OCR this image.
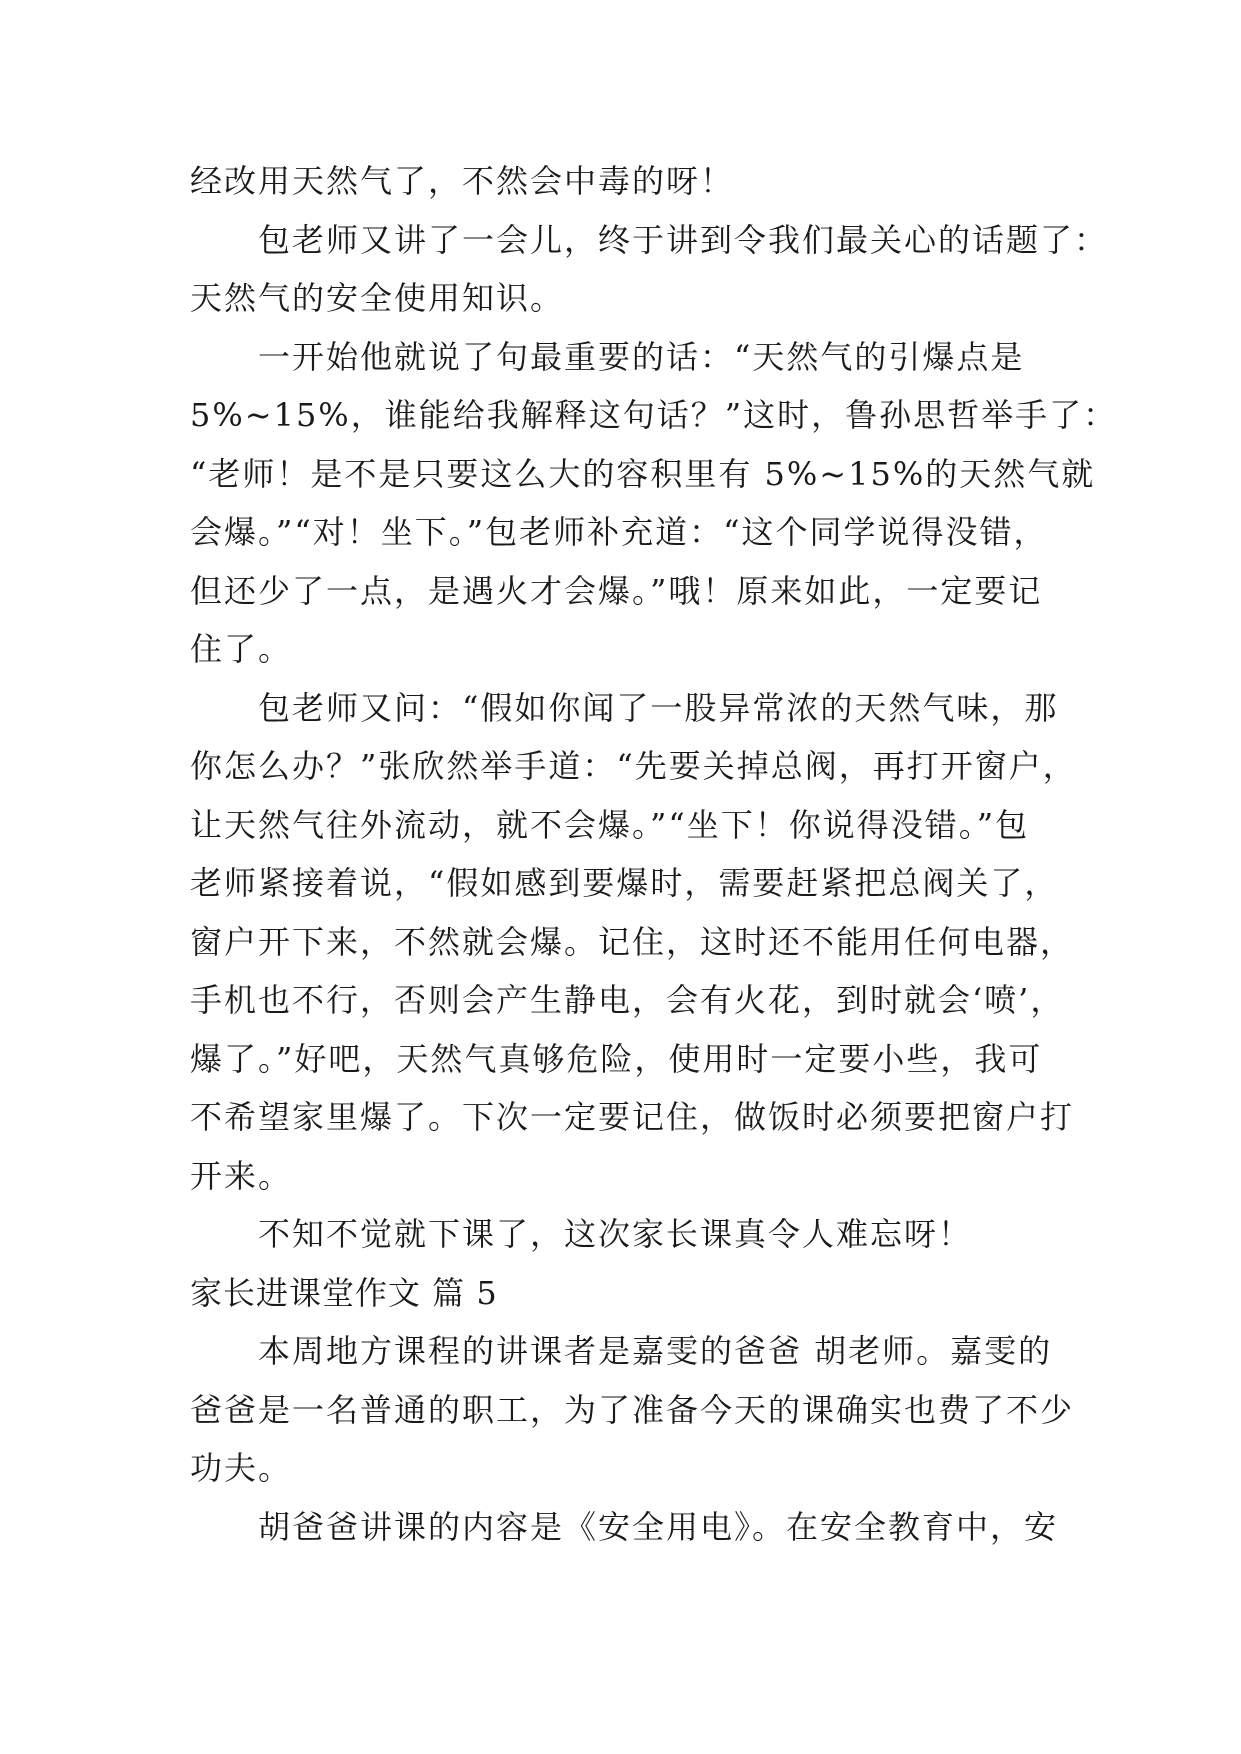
经改用天然气了，不然会中毒的呀！
包老师又讲了一会儿，终于讲到令我们最关心的话题了：
天然气的安全使用知识。
一开始他就说了句最重要的话：“天然气的引爆点是
5%~15%，谁能给我解释这句话？”这时，鲁孙思哲举手了：
“老师！是不是只要这么大的容积里有 5%~15%的天然气就
会爆。”“对！坐下。”包老师补充道：“这个同学说得没错，
但还少了一点，是遇火才会爆。”哦！原来如此，一定要记
住了。
包老师又问：“假如你闻了一股异常浓的天然气味，那
你怎么办？”张欣然举手道：“先要关掉总阀，再打开窗户，
让天然气往外流动，就不会爆。”“坐下！你说得没错。”包
老师紧接着说，“假如感到要爆时，需要赶紧把总阀关了，
窗户开下来，不然就会爆。记住，这时还不能用任何电器，
手机也不行，否则会产生静电，会有火花，到时就会‘喷’，
爆了。”好吧，天然气真够危险，使用时一定要小些，我可
不希望家里爆了。下次一定要记住，做饭时必须要把窗户打
开来。
不知不觉就下课了，这次家长课真令人难忘呀！
家长进课堂作文 篇 5
本周地方课程的讲课者是嘉雯的爸爸 胡老师。嘉雯的
爸爸是一名普通的职工，为了准备今天的课确实也费了不少
功夫。
胡爸爸讲课的内容是《安全用电》。在安全教育中，安
